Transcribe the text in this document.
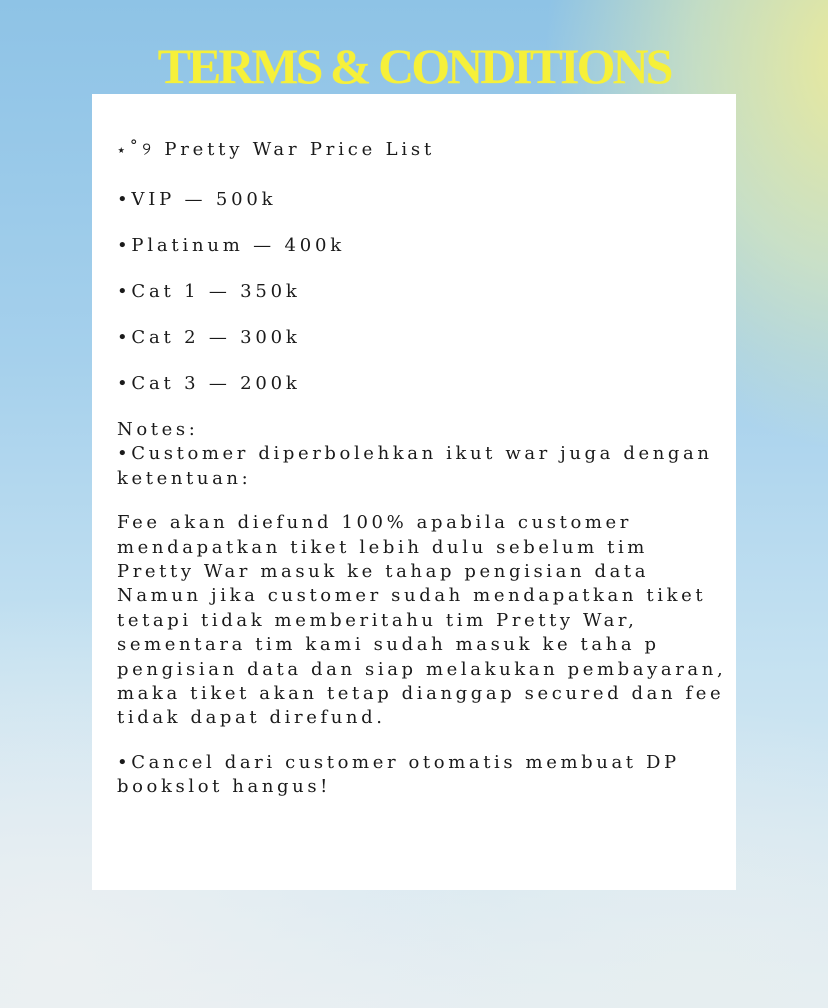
TERMS & CONDITIONS

⋆˚୨ Pretty War Price List

•VIP — 500k

•Platinum — 400k

•Cat 1 — 350k

•Cat 2 — 300k

•Cat 3 — 200k

Notes:
•Customer diperbolehkan ikut war juga dengan
ketentuan:
Fee akan diefund 100% apabila customer
mendapatkan tiket lebih dulu sebelum tim
Pretty War masuk ke tahap pengisian data
Namun jika customer sudah mendapatkan tiket
tetapi tidak memberitahu tim Pretty War,
sementara tim kami sudah masuk ke taha p
pengisian data dan siap melakukan pembayaran,
maka tiket akan tetap dianggap secured dan fee
tidak dapat direfund.
•Cancel dari customer otomatis membuat DP
bookslot hangus!
